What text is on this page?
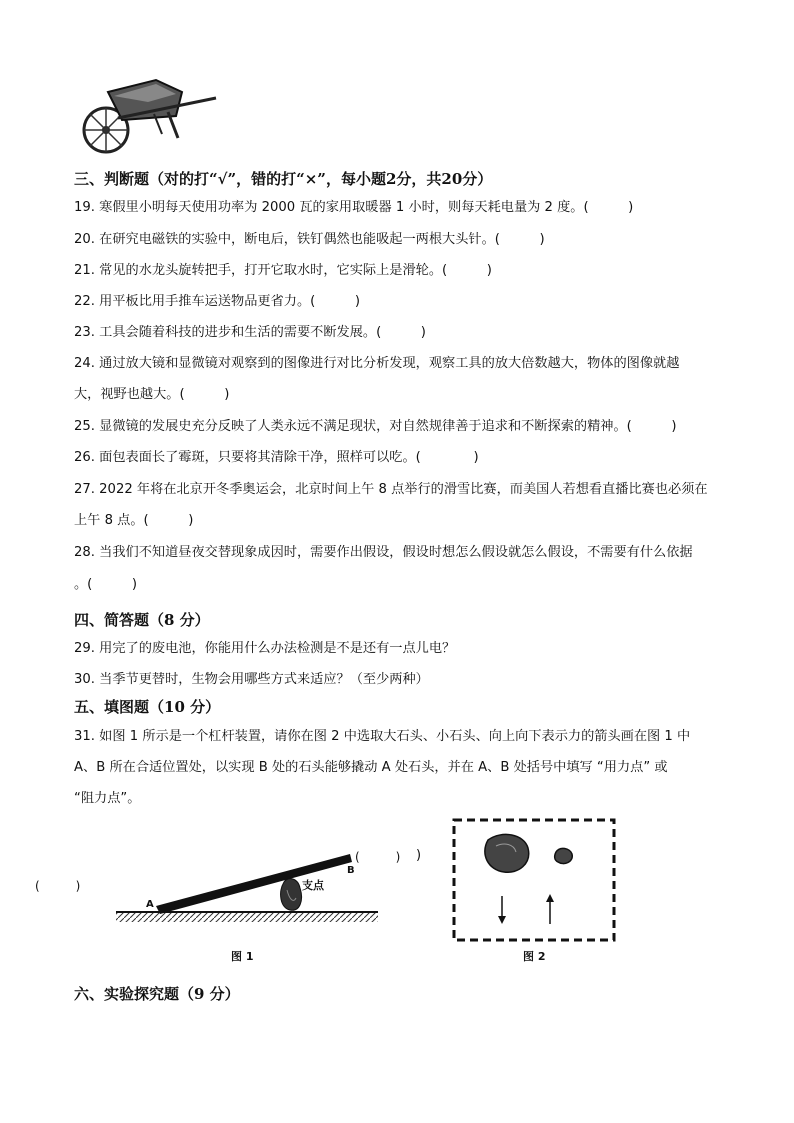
三、判断题（对的打“√”，错的打“×”，每小题2分，共20分）
19. 寒假里小明每天使用功率为 2000 瓦的家用取暖器 1 小时，则每天耗电量为 2 度。(　　　)
20. 在研究电磁铁的实验中，断电后，铁钉偶然也能吸起一两根大头针。(　　　)
21. 常见的水龙头旋转把手，打开它取水时，它实际上是滑轮。(　　　)
22. 用平板比用手推车运送物品更省力。(　　　)
23. 工具会随着科技的进步和生活的需要不断发展。(　　　)
24. 通过放大镜和显微镜对观察到的图像进行对比分析发现，观察工具的放大倍数越大，物体的图像就越
大，视野也越大。(　　　)
25. 显微镜的发展史充分反映了人类永远不满足现状，对自然规律善于追求和不断探索的精神。(　　　)
26. 面包表面长了霉斑，只要将其清除干净，照样可以吃。(　　　　)
27. 2022 年将在北京开冬季奥运会，北京时间上午 8 点举行的滑雪比赛，而美国人若想看直播比赛也必须在
上午 8 点。(　　　)
28. 当我们不知道昼夜交替现象成因时，需要作出假设，假设时想怎么假设就怎么假设，不需要有什么依据
。(　　　)
四、简答题（8 分）
29. 用完了的废电池，你能用什么办法检测是不是还有一点儿电？
30. 当季节更替时，生物会用哪些方式来适应？（至少两种）
五、填图题（10 分）
31. 如图 1 所示是一个杠杆装置，请你在图 2 中选取大石头、小石头、向上向下表示力的箭头画在图 1 中
A、B 所在合适位置处，以实现 B 处的石头能够撬动 A 处石头，并在 A、B 处括号中填写 “用力点” 或
“阻力点”。
(　　　)
A
B
支点
(　　　)
图 1
)
图 2
六、实验探究题（9 分）
